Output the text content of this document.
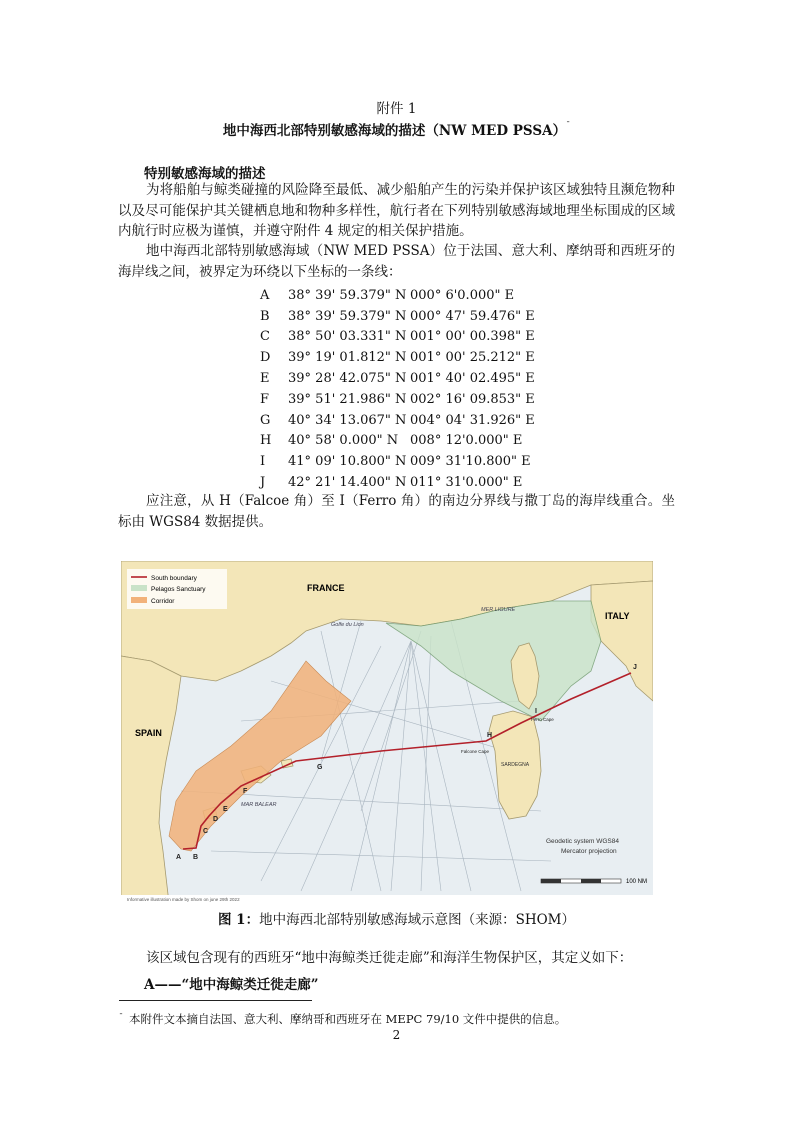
附件 1
地中海西北部特别敏感海域的描述（NW MED PSSA）¯
特别敏感海域的描述

为将船舶与鲸类碰撞的风险降至最低、减少船舶产生的污染并保护该区域独特且濒危物种以及尽可能保护其关键栖息地和物种多样性，航行者在下列特别敏感海域地理坐标围成的区域内航行时应极为谨慎，并遵守附件 4 规定的相关保护措施。

地中海西北部特别敏感海域（NW MED PSSA）位于法国、意大利、摩纳哥和西班牙的海岸线之间，被界定为环绕以下坐标的一条线：

A	38° 39' 59.379" N	000° 6'0.000" E
B	38° 39' 59.379" N	000° 47' 59.476" E
C	38° 50' 03.331" N	001° 00' 00.398" E
D	39° 19' 01.812" N	001° 00' 25.212" E
E	39° 28' 42.075" N	001° 40' 02.495" E
F	39° 51' 21.986" N	002° 16' 09.853" E
G	40° 34' 13.067" N	004° 04' 31.926" E
H	40° 58' 0.000" N	008° 12'0.000" E
I	41° 09' 10.800" N	009° 31'10.800" E
J	42° 21' 14.400" N	011° 31'0.000" E

应注意，从 H（Falcoe 角）至 I（Ferro 角）的南边分界线与撒丁岛的海岸线重合。坐标由 WGS84 数据提供。

South boundary
Pelagos Sanctuary
Corridor
FRANCE
ITALY
SPAIN
Golfe du Lion
MER LIGURE
MAR BALEAR
SARDEGNA
Falcone Cape
Ferro Cape
A B
C
D
E
F
G
H
I
J
Geodetic system WGS84
Mercator projection
100 NM
Informative illustration made by Shom on june 29th 2022
图 1：地中海西北部特别敏感海域示意图（来源：SHOM）

该区域包含现有的西班牙“地中海鲸类迁徙走廊”和海洋生物保护区，其定义如下：

A——“地中海鲸类迁徙走廊”
¯ 本附件文本摘自法国、意大利、摩纳哥和西班牙在 MEPC 79/10 文件中提供的信息。
2
